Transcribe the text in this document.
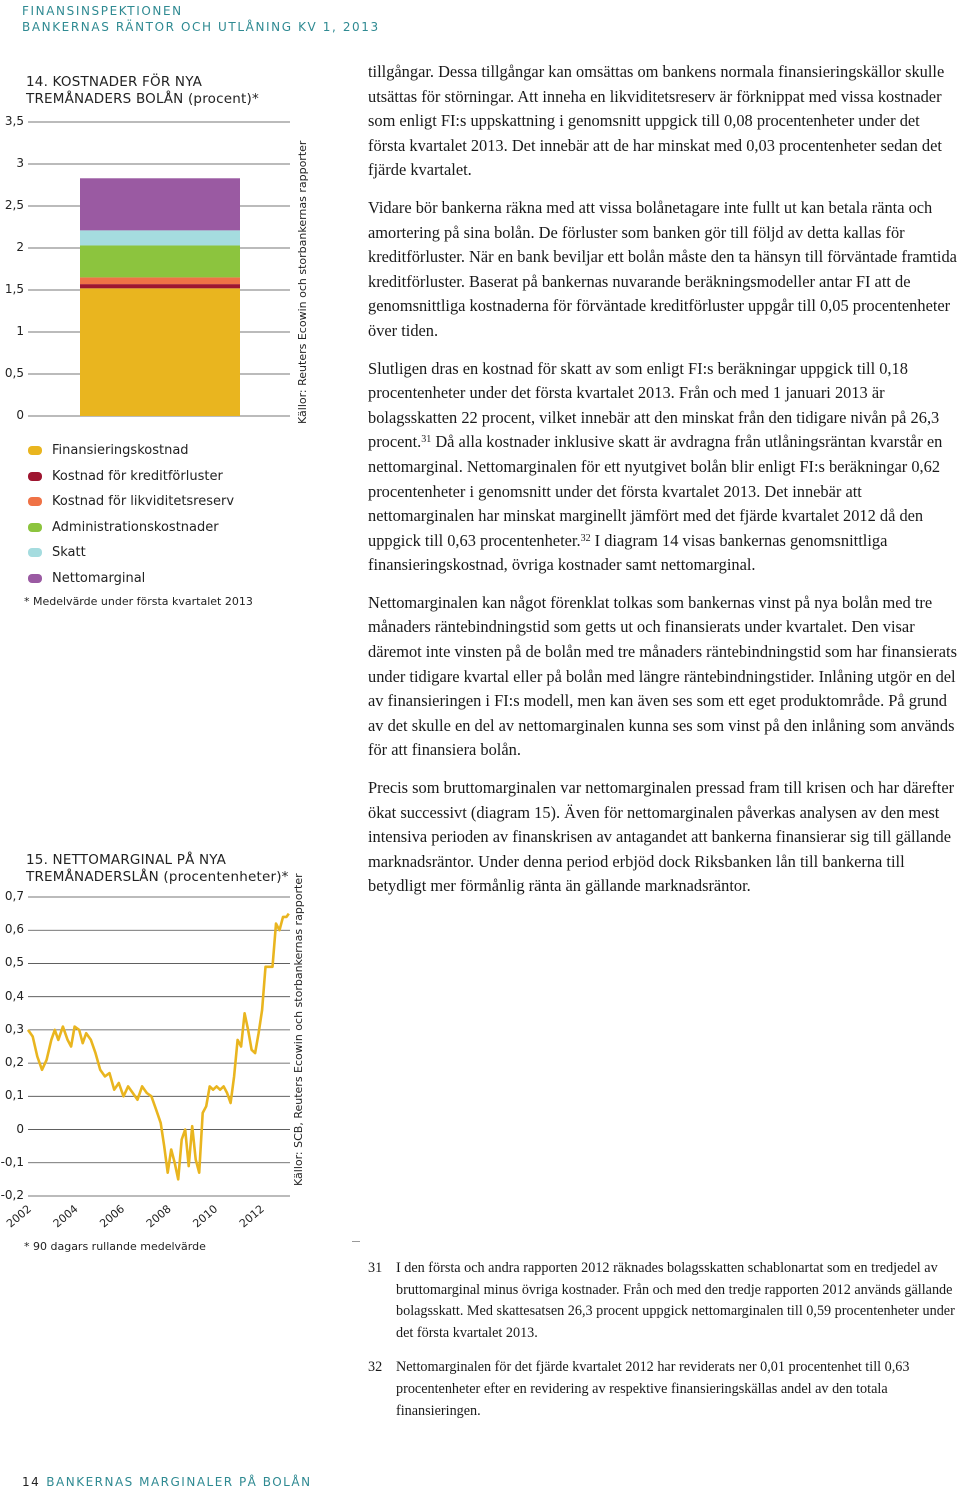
FINANSINSPEKTIONEN
BANKERNAS RÄNTOR OCH UTLÅNING KV 1, 2013
14. KOSTNADER FÖR NYA
TREMÅNADERS BOLÅN (procent)*
3,5
3
2,5
2
1,5
1
0,5
0	Källor: Reuters Ecowin och storbankernas rapporter
Finansieringskostnad
Kostnad för kreditförluster
Kostnad för likviditetsreserv
Administrationskostnader
Skatt
Nettomarginal
* Medelvärde under första kvartalet 2013
15. NETTOMARGINAL PÅ NYA
TREMÅNADERSLÅN (procentenheter)*
0,7
0,6
0,5
0,4
0,3
0,2
0,1
0
-0,1
-0,2
2002 2004 2006 2008 2010 2012
Källor: SCB, Reuters Ecowin och storbankernas rapporter
* 90 dagars rullande medelvärde

tillgångar. Dessa tillgångar kan omsättas om bankens normala finansieringskällor skulle utsättas för störningar. Att inneha en likviditetsreserv är förknippat med vissa kostnader som enligt FI:s uppskattning i genomsnitt uppgick till 0,08 procentenheter under det första kvartalet 2013. Det innebär att de har minskat med 0,03 procentenheter sedan det fjärde kvartalet.

Vidare bör bankerna räkna med att vissa bolånetagare inte fullt ut kan betala ränta och amortering på sina bolån. De förluster som banken gör till följd av detta kallas för kreditförluster. När en bank beviljar ett bolån måste den ta hänsyn till förväntade framtida kreditförluster. Baserat på bankernas nuvarande beräkningsmodeller antar FI att de genomsnittliga kostnaderna för förväntade kreditförluster uppgår till 0,05 procentenheter över tiden.

Slutligen dras en kostnad för skatt av som enligt FI:s beräkningar uppgick till 0,18 procentenheter under det första kvartalet 2013. Från och med 1 januari 2013 är bolagsskatten 22 procent, vilket innebär att den minskat från den tidigare nivån på 26,3 procent.$^{31}$ Då alla kostnader inklusive skatt är avdragna från utlåningsräntan kvarstår en nettomarginal. Nettomarginalen för ett nyutgivet bolån blir enligt FI:s beräkningar 0,62 procentenheter i genomsnitt under det första kvartalet 2013. Det innebär att nettomarginalen har minskat marginellt jämfört med det fjärde kvartalet 2012 då den uppgick till 0,63 procentenheter.$^{32}$ I diagram 14 visas bankernas genomsnittliga finansieringskostnad, övriga kostnader samt nettomarginal.

Nettomarginalen kan något förenklat tolkas som bankernas vinst på nya bolån med tre månaders räntebindningstid som getts ut och finansierats under kvartalet. Den visar däremot inte vinsten på de bolån med tre månaders räntebindningstid som har finansierats under tidigare kvartal eller på bolån med längre räntebindningstider. Inlåning utgör en del av finansieringen i FI:s modell, men kan även ses som ett eget produktområde. På grund av det skulle en del av nettomarginalen kunna ses som vinst på den inlåning som används för att finansiera bolån.

Precis som bruttomarginalen var nettomarginalen pressad fram till krisen och har därefter ökat successivt (diagram 15). Även för nettomarginalen påverkas analysen av den mest intensiva perioden av finanskrisen av antagandet att bankerna finansierar sig till gällande marknadsräntor. Under denna period erbjöd dock Riksbanken lån till bankerna till betydligt mer förmånlig ränta än gällande marknadsräntor.

31 I den första och andra rapporten 2012 räknades bolagsskatten schablonartat som en tredjedel av bruttomarginal minus övriga kostnader. Från och med den tredje rapporten 2012 används gällande bolagsskatt. Med skattesatsen 26,3 procent uppgick nettomarginalen till 0,59 procentenheter under det första kvartalet 2013.
32 Nettomarginalen för det fjärde kvartalet 2012 har reviderats ner 0,01 procentenhet till 0,63 procentenheter efter en revidering av respektive finansieringskällas andel av den totala finansieringen.
14 BANKERNAS MARGINALER PÅ BOLÅN
